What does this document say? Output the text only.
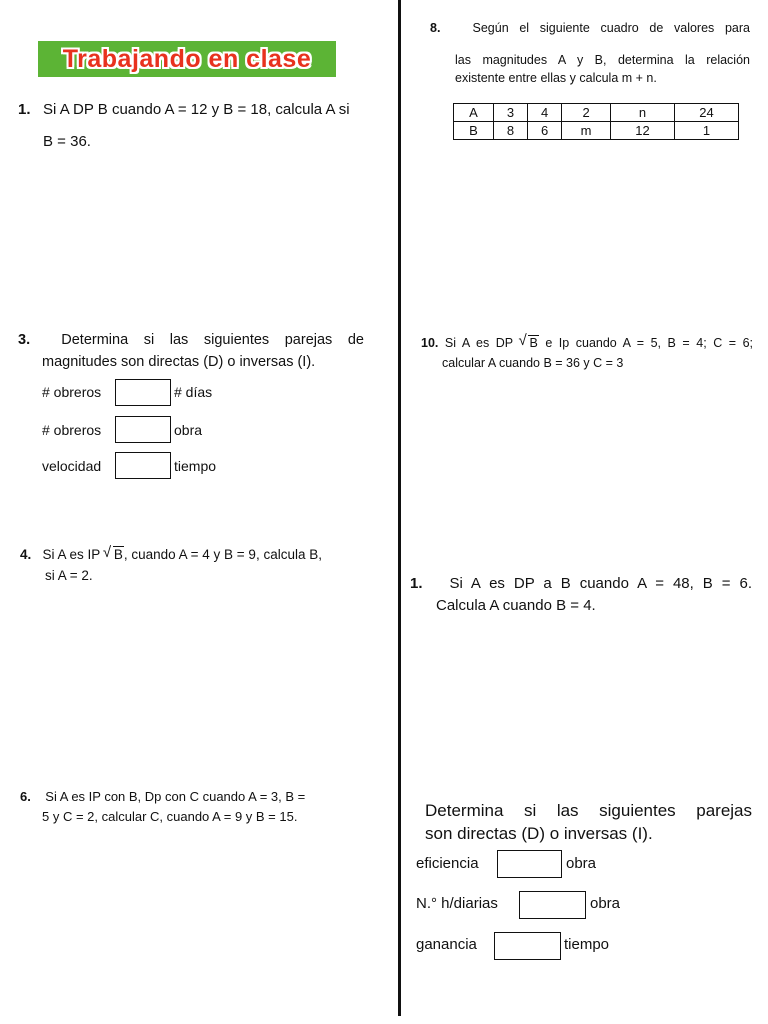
Trabajando en clase
1. Si A DP B cuando A = 12 y B = 18, calcula A si
B = 36.
3. Determina si las siguientes parejas de
magnitudes son directas (D) o inversas (I).
# obreros	# días
# obreros	obra
velocidad	tiempo
4. Si A es IP √ B, cuando A = 4 y B = 9, calcula B,
si A = 2.
6. Si A es IP con B, Dp con C cuando A = 3, B =
5 y C = 2, calcular C, cuando A = 9 y B = 15.
8.	Según el siguiente cuadro de valores para
las magnitudes A y B, determina la relación
existente entre ellas y calcula m + n.
A	3	4	2	n	24
B	8	6	m	12	1
10. Si A es DP √ B e Ip cuando A = 5, B = 4; C = 6;
calcular A cuando B = 36 y C = 3
1. Si A es DP a B cuando A = 48, B = 6.
Calcula A cuando B = 4.
Determina si las siguientes parejas
son directas (D) o inversas (I).
eficiencia	obra
N.° h/diarias	obra
ganancia	tiempo
